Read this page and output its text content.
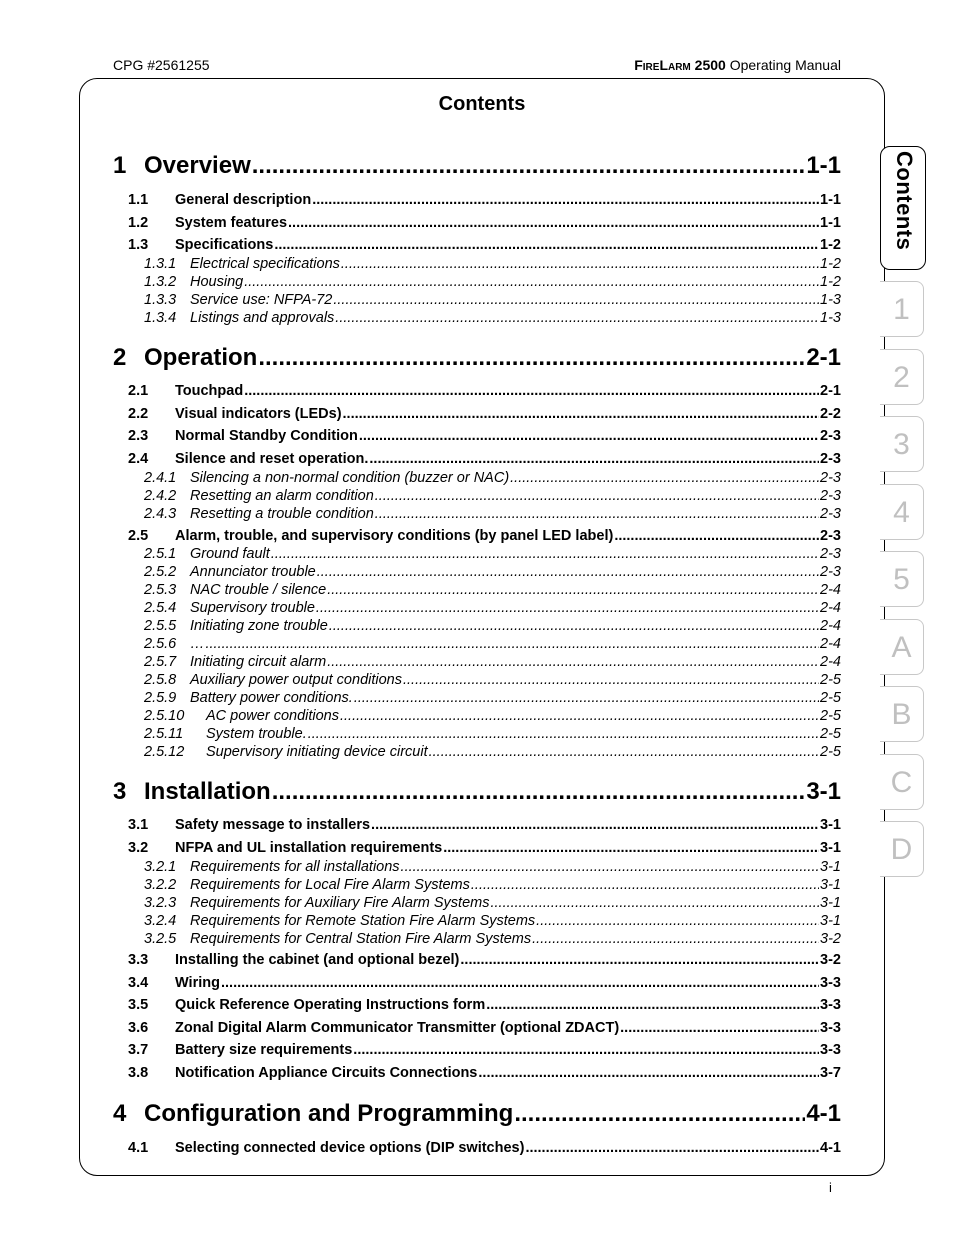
CPG #2561255	FireLarm 2500 Operating Manual
Contents
1 Overview .....	1-1
1.1 General description .....	1-1
1.2 System features .....	1-1
1.3 Specifications .....	1-2
1.3.1 Electrical specifications .....	1-2
1.3.2 Housing .....	1-2
1.3.3 Service use: NFPA-72 .....	1-3
1.3.4 Listings and approvals .....	1-3
2 Operation .....	2-1
2.1 Touchpad .....	2-1
2.2 Visual indicators (LEDs) .....	2-2
2.3 Normal Standby Condition .....	2-3
2.4 Silence and reset operation. .....	2-3
2.4.1 Silencing a non-normal condition (buzzer or NAC) .....	2-3
2.4.2 Resetting an alarm condition .....	2-3
2.4.3 Resetting a trouble condition .....	2-3
2.5 Alarm, trouble, and supervisory conditions (by panel LED label) .....	2-3
2.5.1 Ground fault .....	2-3
2.5.2 Annunciator trouble .....	2-3
2.5.3 NAC trouble / silence .....	2-4
2.5.4 Supervisory trouble .....	2-4
2.5.5 Initiating zone trouble .....	2-4
2.5.6 … .....	2-4
2.5.7 Initiating circuit alarm .....	2-4
2.5.8 Auxiliary power output conditions .....	2-5
2.5.9 Battery power conditions. .....	2-5
2.5.10 AC power conditions .....	2-5
2.5.11 System trouble. .....	2-5
2.5.12 Supervisory initiating device circuit .....	2-5
3 Installation .....	3-1
3.1 Safety message to installers .....	3-1
3.2 NFPA and UL installation requirements .....	3-1
3.2.1 Requirements for all installations .....	3-1
3.2.2 Requirements for Local Fire Alarm Systems .....	3-1
3.2.3 Requirements for Auxiliary Fire Alarm Systems .....	3-1
3.2.4 Requirements for Remote Station Fire Alarm Systems .....	3-1
3.2.5 Requirements for Central Station Fire Alarm Systems .....	3-2
3.3 Installing the cabinet (and optional bezel) .....	3-2
3.4 Wiring .....	3-3
3.5 Quick Reference Operating Instructions form .....	3-3
3.6 Zonal Digital Alarm Communicator Transmitter (optional ZDACT) .....	3-3
3.7 Battery size requirements .....	3-3
3.8 Notification Appliance Circuits Connections .....	3-7
4 Configuration and Programming .....	4-1
4.1 Selecting connected device options (DIP switches) .....	4-1
Contents
1
2
3
4
5
A
B
C
D
i
